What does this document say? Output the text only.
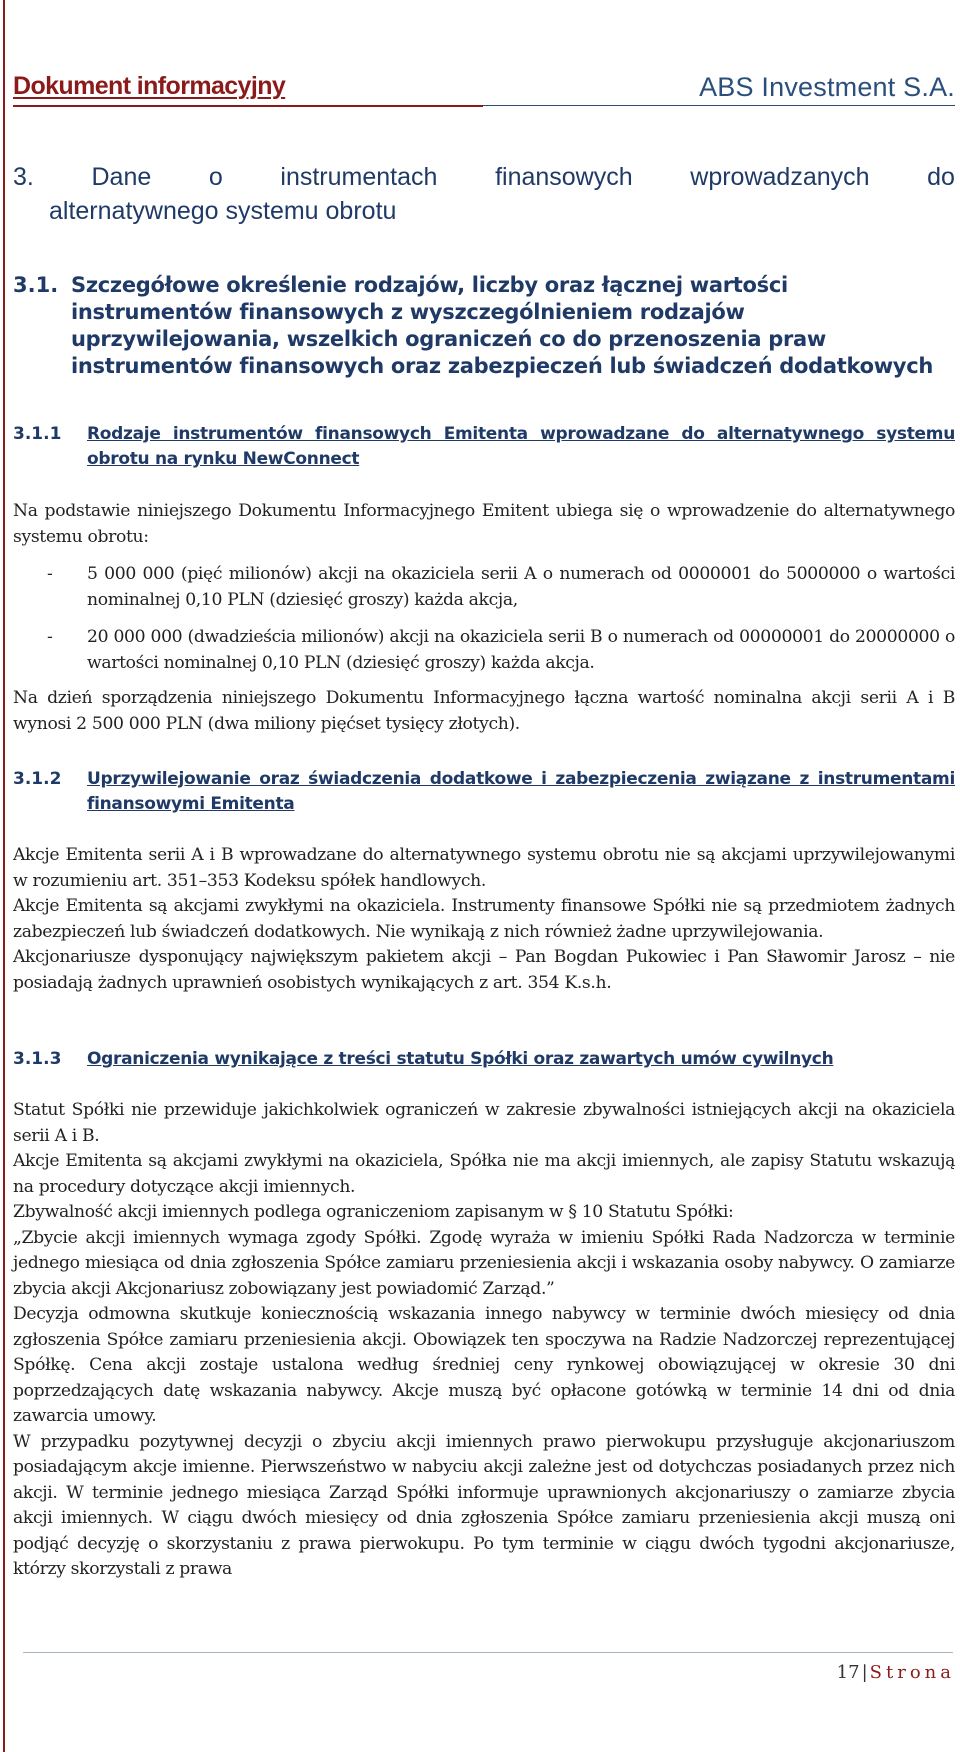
Dokument informacyjny	ABS Investment S.A.
3. Dane o instrumentach finansowych wprowadzanych do
alternatywnego systemu obrotu
3.1. Szczegółowe określenie rodzajów, liczby oraz łącznej wartości instrumentów finansowych z wyszczególnieniem rodzajów uprzywilejowania, wszelkich ograniczeń co do przenoszenia praw instrumentów finansowych oraz zabezpieczeń lub świadczeń dodatkowych
3.1.1 Rodzaje instrumentów finansowych Emitenta wprowadzane do alternatywnego systemu obrotu na rynku NewConnect

Na podstawie niniejszego Dokumentu Informacyjnego Emitent ubiega się o wprowadzenie do alternatywnego systemu obrotu:

- 5 000 000 (pięć milionów) akcji na okaziciela serii A o numerach od 0000001 do 5000000 o wartości nominalnej 0,10 PLN (dziesięć groszy) każda akcja,
- 20 000 000 (dwadzieścia milionów) akcji na okaziciela serii B o numerach od 00000001 do 20000000 o wartości nominalnej 0,10 PLN (dziesięć groszy) każda akcja.

Na dzień sporządzenia niniejszego Dokumentu Informacyjnego łączna wartość nominalna akcji serii A i B wynosi 2 500 000 PLN (dwa miliony pięćset tysięcy złotych).

3.1.2 Uprzywilejowanie oraz świadczenia dodatkowe i zabezpieczenia związane z instrumentami finansowymi Emitenta

Akcje Emitenta serii A i B wprowadzane do alternatywnego systemu obrotu nie są akcjami uprzywilejowanymi w rozumieniu art. 351–353 Kodeksu spółek handlowych.

Akcje Emitenta są akcjami zwykłymi na okaziciela. Instrumenty finansowe Spółki nie są przedmiotem żadnych zabezpieczeń lub świadczeń dodatkowych. Nie wynikają z nich również żadne uprzywilejowania.

Akcjonariusze dysponujący największym pakietem akcji – Pan Bogdan Pukowiec i Pan Sławomir Jarosz – nie posiadają żadnych uprawnień osobistych wynikających z art. 354 K.s.h.

3.1.3 Ograniczenia wynikające z treści statutu Spółki oraz zawartych umów cywilnych

Statut Spółki nie przewiduje jakichkolwiek ograniczeń w zakresie zbywalności istniejących akcji na okaziciela serii A i B.

Akcje Emitenta są akcjami zwykłymi na okaziciela, Spółka nie ma akcji imiennych, ale zapisy Statutu wskazują na procedury dotyczące akcji imiennych.

Zbywalność akcji imiennych podlega ograniczeniom zapisanym w § 10 Statutu Spółki:

„Zbycie akcji imiennych wymaga zgody Spółki. Zgodę wyraża w imieniu Spółki Rada Nadzorcza w terminie jednego miesiąca od dnia zgłoszenia Spółce zamiaru przeniesienia akcji i wskazania osoby nabywcy. O zamiarze zbycia akcji Akcjonariusz zobowiązany jest powiadomić Zarząd.”

Decyzja odmowna skutkuje koniecznością wskazania innego nabywcy w terminie dwóch miesięcy od dnia zgłoszenia Spółce zamiaru przeniesienia akcji. Obowiązek ten spoczywa na Radzie Nadzorczej reprezentującej Spółkę. Cena akcji zostaje ustalona według średniej ceny rynkowej obowiązującej w okresie 30 dni poprzedzających datę wskazania nabywcy. Akcje muszą być opłacone gotówką w terminie 14 dni od dnia zawarcia umowy.

W przypadku pozytywnej decyzji o zbyciu akcji imiennych prawo pierwokupu przysługuje akcjonariuszom posiadającym akcje imienne. Pierwszeństwo w nabyciu akcji zależne jest od dotychczas posiadanych przez nich akcji. W terminie jednego miesiąca Zarząd Spółki informuje uprawnionych akcjonariuszy o zamiarze zbycia akcji imiennych. W ciągu dwóch miesięcy od dnia zgłoszenia Spółce zamiaru przeniesienia akcji muszą oni podjąć decyzję o skorzystaniu z prawa pierwokupu. Po tym terminie w ciągu dwóch tygodni akcjonariusze, którzy skorzystali z prawa

17 | Strona
